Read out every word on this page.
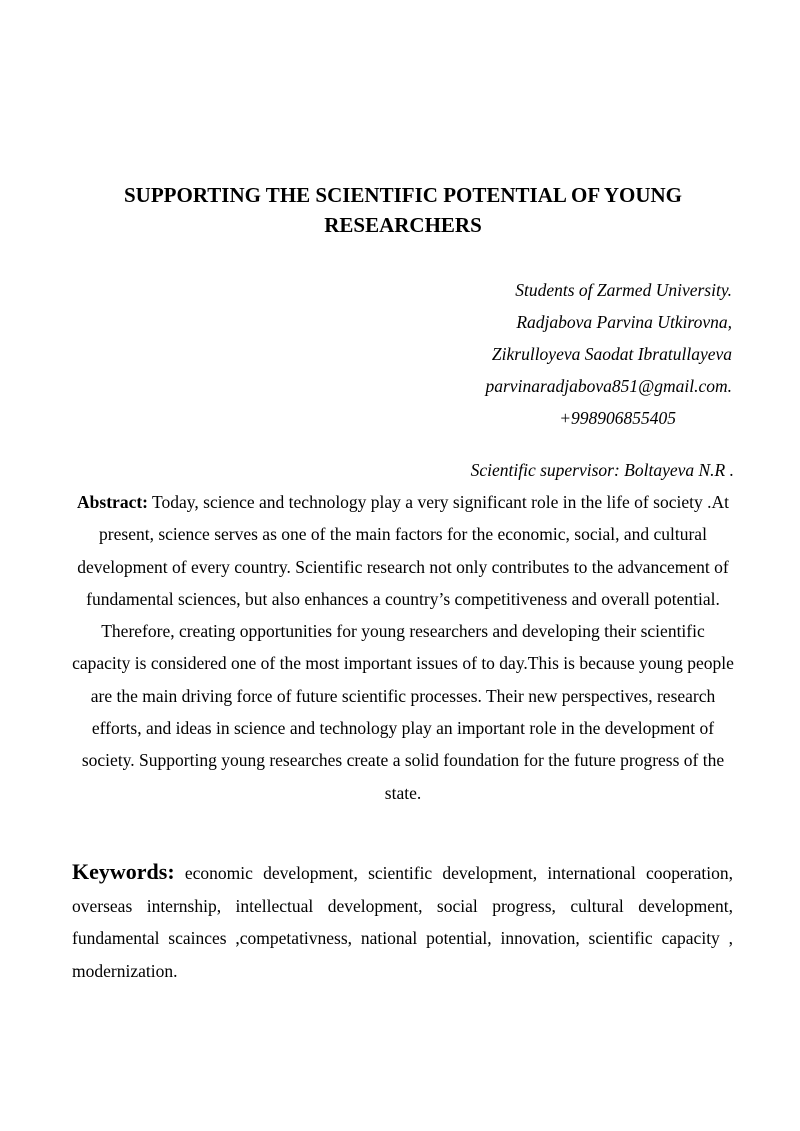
SUPPORTING THE SCIENTIFIC POTENTIAL OF YOUNG RESEARCHERS
Students of Zarmed University.
Radjabova Parvina Utkirovna,
Zikrulloyeva Saodat Ibratullayeva
parvinaradjabova851@gmail.com.
+998906855405
Scientific supervisor: Boltayeva N.R .
Abstract: Today, science and technology play a very significant role in the life of society .At present, science serves as one of the main factors for the economic, social, and cultural development of every country. Scientific research not only contributes to the advancement of fundamental sciences, but also enhances a country’s competitiveness and overall potential. Therefore, creating opportunities for young researchers and developing their scientific capacity is considered one of the most important issues of to day.This is because young people are the main driving force of future scientific processes. Their new perspectives, research efforts, and ideas in science and technology play an important role in the development of society. Supporting young researches create a solid foundation for the future progress of the state.
Keywords: economic development, scientific development, international cooperation, overseas internship, intellectual development, social progress, cultural development, fundamental scainces ,competativness, national potential, innovation, scientific capacity , modernization.
